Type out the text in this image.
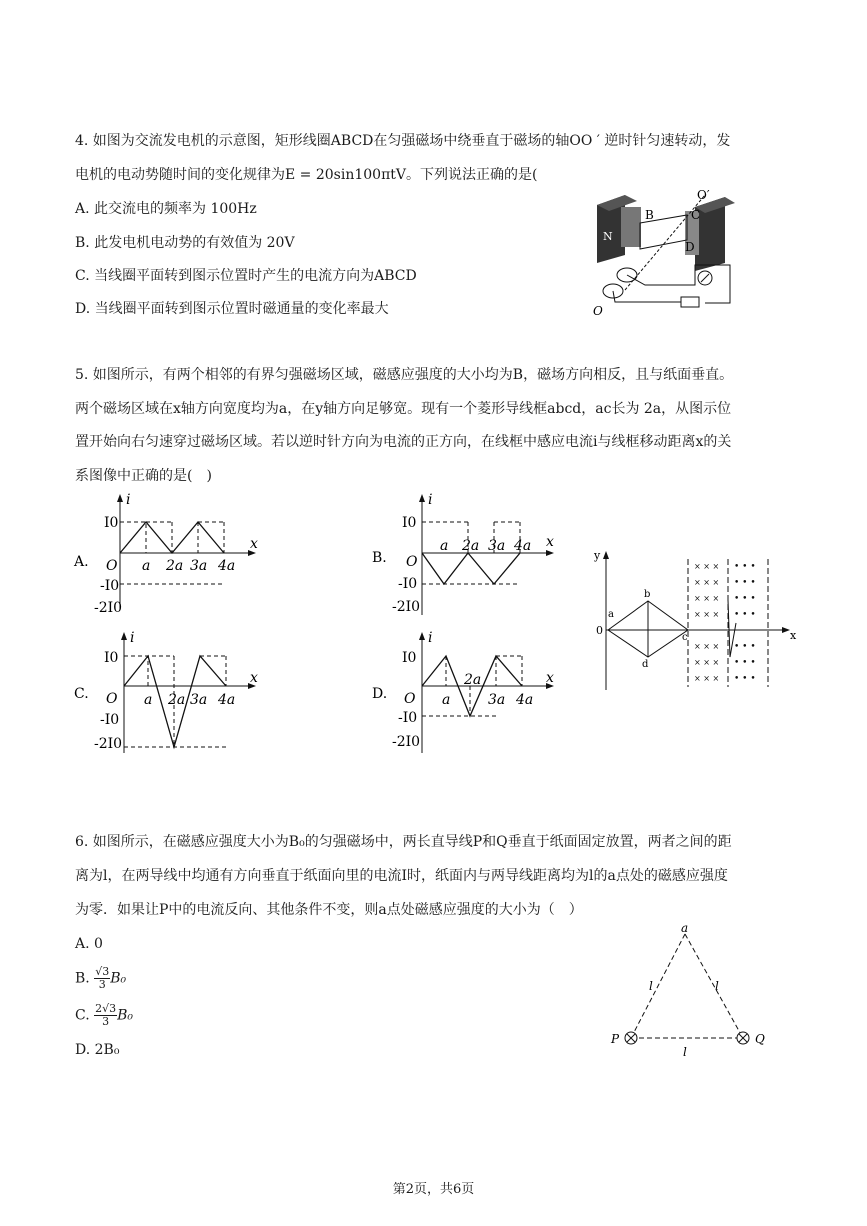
4. 如图为交流发电机的示意图，矩形线圈ABCD在匀强磁场中绕垂直于磁场的轴OO ′ 逆时针匀速转动，发
电机的电动势随时间的变化规律为E = 20sin100πtV。下列说法正确的是(
A. 此交流电的频率为 100Hz
B. 此发电机电动势的有效值为 20V
C. 当线圈平面转到图示位置时产生的电流方向为ABCD
D. 当线圈平面转到图示位置时磁通量的变化率最大
N
O′
B	C
D
O
5. 如图所示，有两个相邻的有界匀强磁场区域，磁感应强度的大小均为B，磁场方向相反，且与纸面垂直。
两个磁场区域在x轴方向宽度均为a，在y轴方向足够宽。现有一个菱形导线框abcd，ac长为 2a，从图示位
置开始向右匀速穿过磁场区域。若以逆时针方向为电流的正方向，在线框中感应电流i与线框移动距离x的关
系图像中正确的是(　)
A.
i
x
I0
O
-I0
-2I0
a 2a 3a 4a	B.
i
x
I0
O
-I0
-2I0
a 2a 3a 4a
C.
i
x
I0
O
-I0
-2I0
a 2a 3a 4a	D.
i
x
I0
O
-I0
-2I0
a
2a
3a 4a
y
x
0
a
b
c
d
× × ×
× × ×
× × ×
× × ×
× × ×
× × ×
× × ×
• • •
• • •
• • •
• • •
• • •
• • •
• • •
6. 如图所示，在磁感应强度大小为B₀的匀强磁场中，两长直导线P和Q垂直于纸面固定放置，两者之间的距
离为l，在两导线中均通有方向垂直于纸面向里的电流I时，纸面内与两导线距离均为l的a点处的磁感应强度
为零．如果让P中的电流反向、其他条件不变，则a点处磁感应强度的大小为（　）
A. 0
B. $\frac{√3}{3} B_0$
C. $\frac{2√3}{3} B_0$
D. 2B₀
a
P	Q
l	l
l
第2页，共6页
